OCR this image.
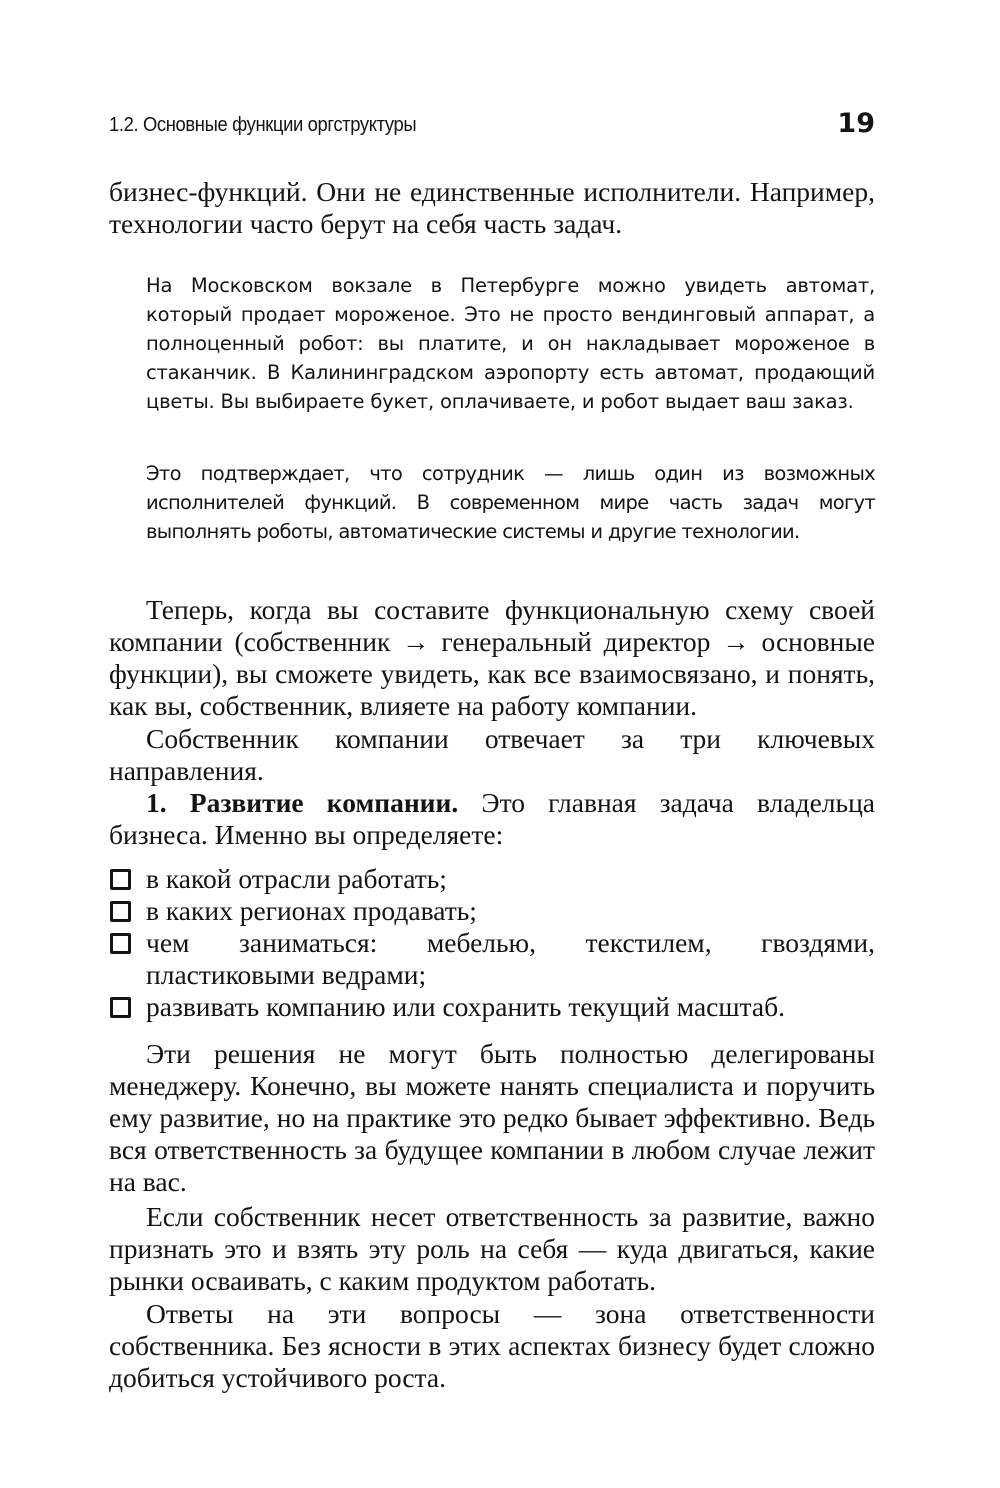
1.2. Основные функции оргструктуры	19

бизнес-функций. Они не единственные исполнители. Например, технологии часто берут на себя часть задач.

На Московском вокзале в Петербурге можно увидеть автомат, который продает мороженое. Это не просто вендинговый аппарат, а полноценный робот: вы платите, и он накладывает мороженое в стаканчик. В Калининградском аэропорту есть автомат, продающий цветы. Вы выбираете букет, оплачиваете, и робот выдает ваш заказ.

Это подтверждает, что сотрудник — лишь один из возможных исполнителей функций. В современном мире часть задач могут выполнять роботы, автоматические системы и другие технологии.

Теперь, когда вы составите функциональную схему своей компании (собственник → генеральный директор → основные функции), вы сможете увидеть, как все взаимосвязано, и понять, как вы, собственник, влияете на работу компании.

Собственник компании отвечает за три ключевых направления.

1. Развитие компании. Это главная задача владельца бизнеса. Именно вы определяете:

в какой отрасли работать;
в каких регионах продавать;
чем заниматься: мебелью, текстилем, гвоздями, пластиковыми ведрами;
развивать компанию или сохранить текущий масштаб.

Эти решения не могут быть полностью делегированы менеджеру. Конечно, вы можете нанять специалиста и поручить ему развитие, но на практике это редко бывает эффективно. Ведь вся ответственность за будущее компании в любом случае лежит на вас.

Если собственник несет ответственность за развитие, важно признать это и взять эту роль на себя — куда двигаться, какие рынки осваивать, с каким продуктом работать.

Ответы на эти вопросы — зона ответственности собственника. Без ясности в этих аспектах бизнесу будет сложно добиться устойчивого роста.
